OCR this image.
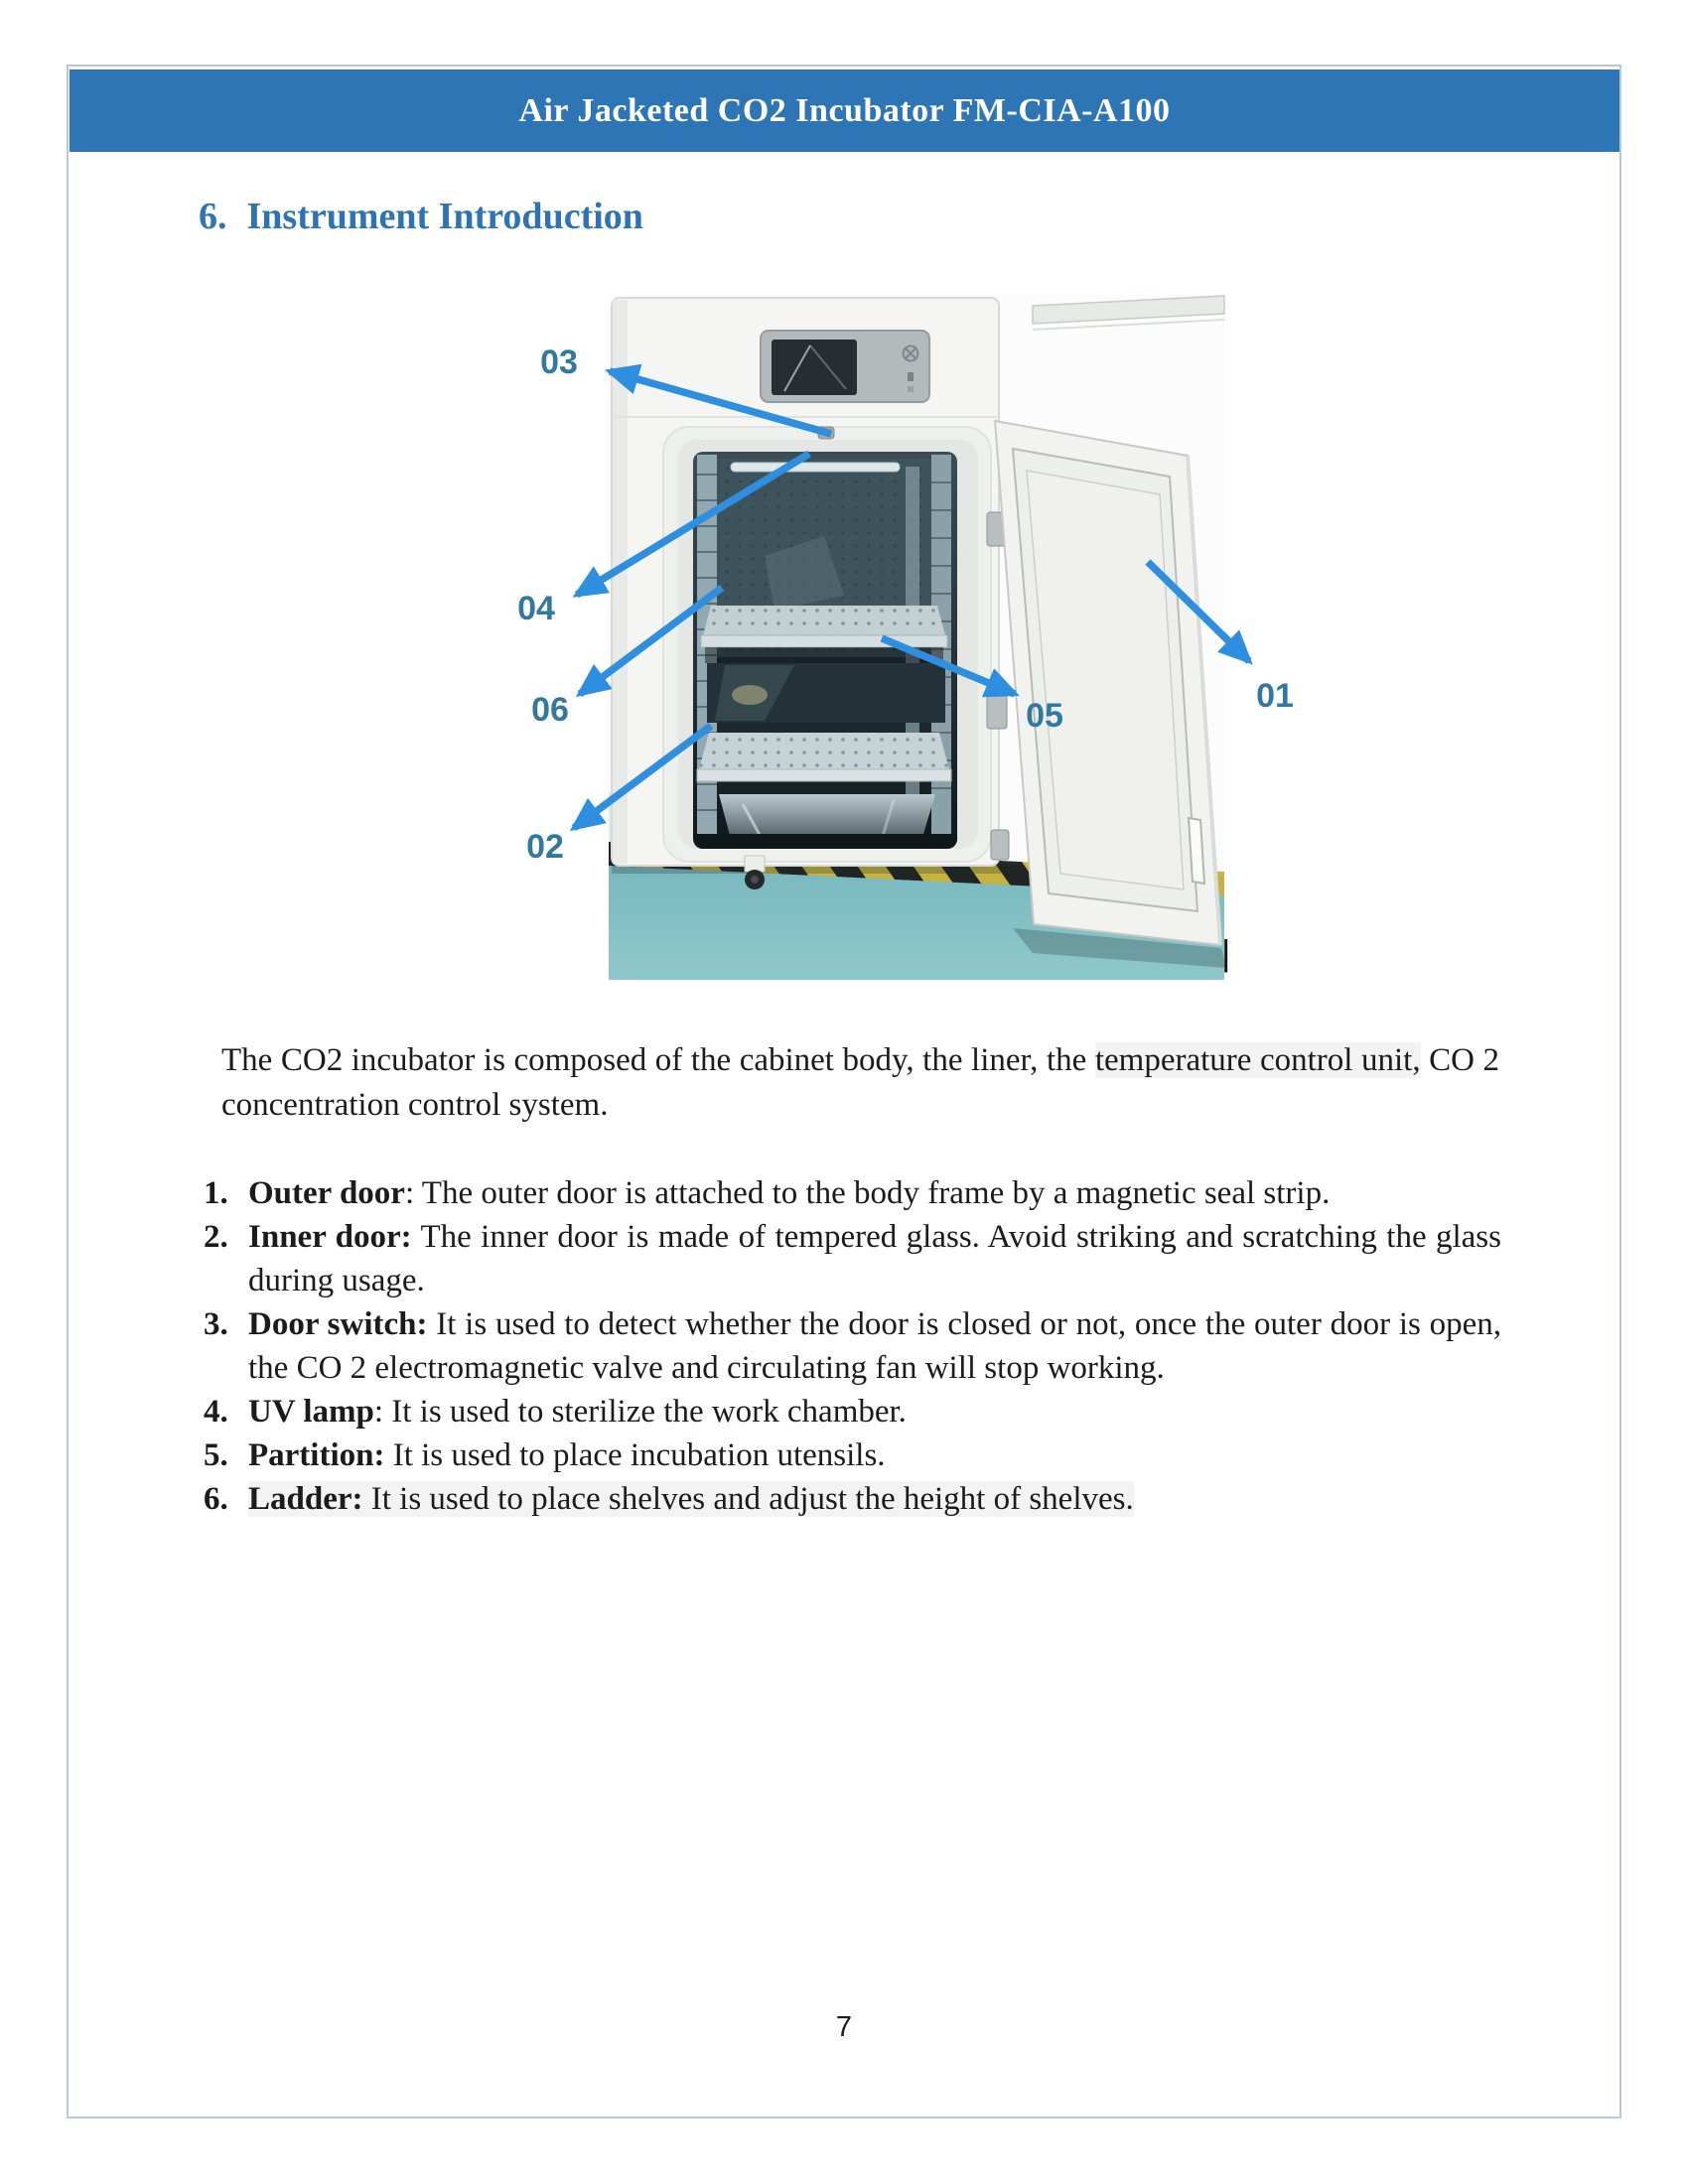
Air Jacketed CO2 Incubator FM-CIA-A100
6. Instrument Introduction
03
04
06
02
05
01
|
The CO2 incubator is composed of the cabinet body, the liner, the temperature control unit, CO 2 concentration control system.
1. Outer door: The outer door is attached to the body frame by a magnetic seal strip.
2. Inner door: The inner door is made of tempered glass. Avoid striking and scratching the glass during usage.
3. Door switch: It is used to detect whether the door is closed or not, once the outer door is open, the CO 2 electromagnetic valve and circulating fan will stop working.
4. UV lamp: It is used to sterilize the work chamber.
5. Partition: It is used to place incubation utensils.
6. Ladder: It is used to place shelves and adjust the height of shelves.
7
